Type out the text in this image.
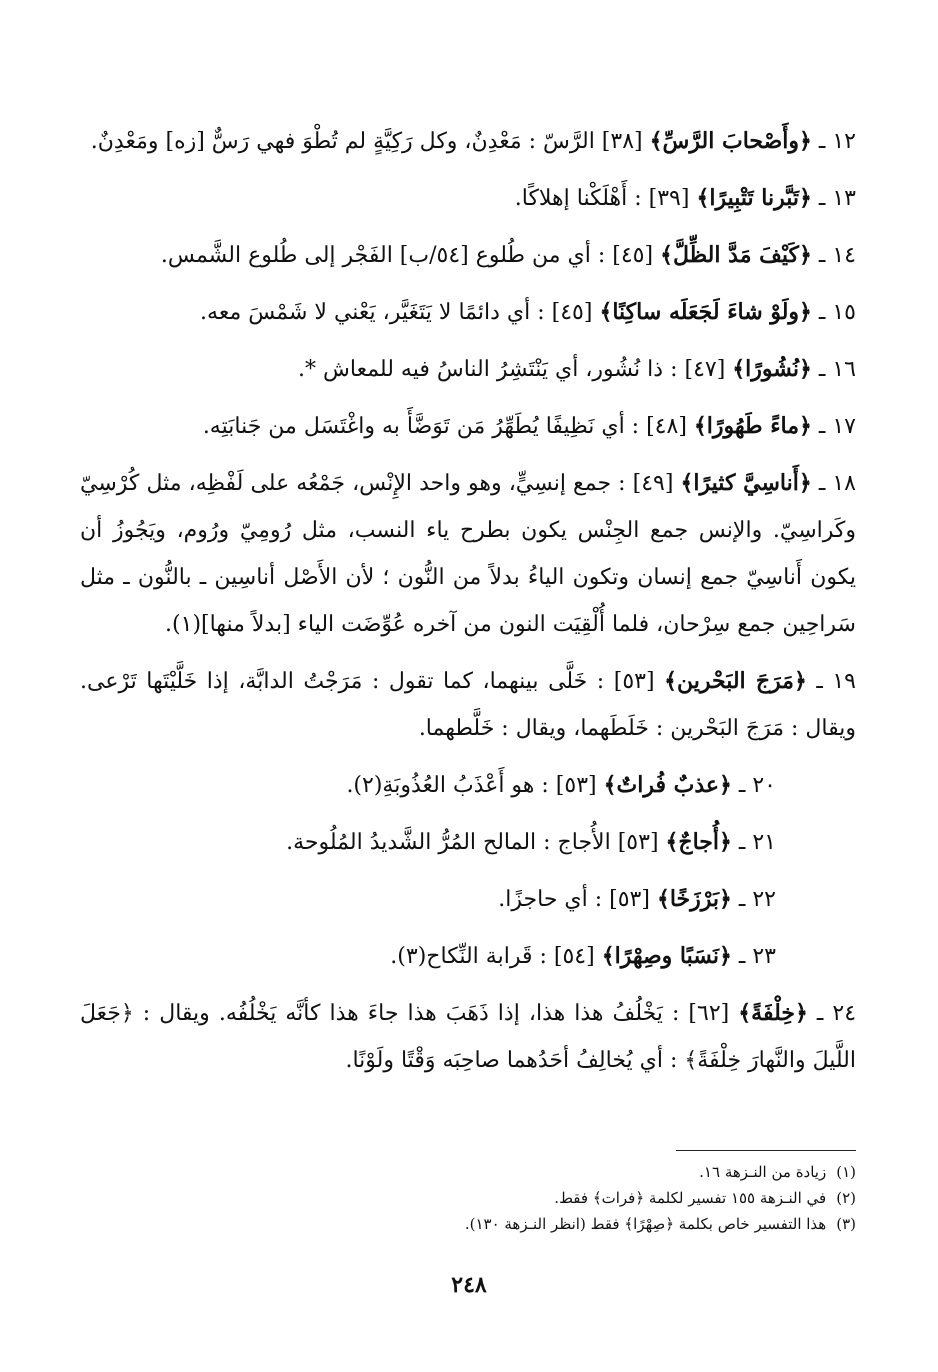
١٢ ـ ﴿وأَصْحابَ الرَّسِّ﴾ [٣٨] الرَّسّ : مَعْدِنٌ، وكل رَكِيَّةٍ لم تُطْوَ فهي رَسٌّ [زه] ومَعْدِنٌ.

١٣ ـ ﴿تَبَّرنا تَتْبِيرًا﴾ [٣٩] : أَهْلَكْنا إهلاكًا.

١٤ ـ ﴿كَيْفَ مَدَّ الظِّلَّ﴾ [٤٥] : أي من طُلوع [٥٤/ب] الفَجْر إلى طُلوع الشَّمس.

١٥ ـ ﴿ولَوْ شاءَ لَجَعَلَه ساكِنًا﴾ [٤٥] : أي دائمًا لا يَتَغَيَّر، يَعْني لا شَمْسَ معه.

١٦ ـ ﴿نُشُورًا﴾ [٤٧] : ذا نُشُور، أي يَنْتَشِرُ الناسُ فيه للمعاش *.

١٧ ـ ﴿ماءً طَهُورًا﴾ [٤٨] : أي نَظِيفًا يُطَهِّرُ مَن تَوَضَّأَ به واغْتَسَل من جَنابَتِه.

١٨ ـ ﴿أَناسِيَّ كثيرًا﴾ [٤٩] : جمع إنسِيٍّ، وهو واحد الإِنْس، جَمْعُه على لَفْظِه، مثل كُرْسِيّ وكَراسِيّ. والإنس جمع الجِنْس يكون بطرح ياء النسب، مثل رُومِيّ ورُوم، ويَجُوزُ أن يكون أَناسِيّ جمع إنسان وتكون الياءُ بدلاً من النُّون ؛ لأن الأَصْل أناسِين ـ بالنُّون ـ مثل سَراحِين جمع سِرْحان، فلما أُلْقِيَت النون من آخره عُوِّضَت الياء [بدلاً منها](١).

١٩ ـ ﴿مَرَجَ البَحْرين﴾ [٥٣] : خَلَّى بينهما، كما تقول : مَرَجْتُ الدابَّة، إذا خَلَّيْتَها تَرْعى. ويقال : مَرَجَ البَحْرين : خَلَطَهما، ويقال : خَلَّطهما.

٢٠ ـ ﴿عذبٌ فُراتٌ﴾ [٥٣] : هو أَعْذَبُ العُذُوبَةِ(٢).

٢١ ـ ﴿أُجاجٌ﴾ [٥٣] الأُجاج : المالح المُرُّ الشَّديدُ المُلُوحة.

٢٢ ـ ﴿بَرْزَخًا﴾ [٥٣] : أي حاجزًا.

٢٣ ـ ﴿نَسَبًا وصِهْرًا﴾ [٥٤] : قَرابة النِّكاح(٣).

٢٤ ـ ﴿خِلْفَةً﴾ [٦٢] : يَخْلُفُ هذا هذا، إذا ذَهَبَ هذا جاءَ هذا كأنَّه يَخْلُفُه. ويقال : ﴿جَعَلَ اللَّيلَ والنَّهارَ خِلْفَةً﴾ : أي يُخالِفُ أحَدُهما صاحِبَه وَقْتًا ولَوْنًا.

(١)زيادة من النـزهة ١٦.
(٢)في النـزهة ١٥٥ تفسير لكلمة ﴿فرات﴾ فقط.
(٣)هذا التفسير خاص بكلمة ﴿صِهْرًا﴾ فقط (انظر النـزهة ١٣٠).
٢٤٨
